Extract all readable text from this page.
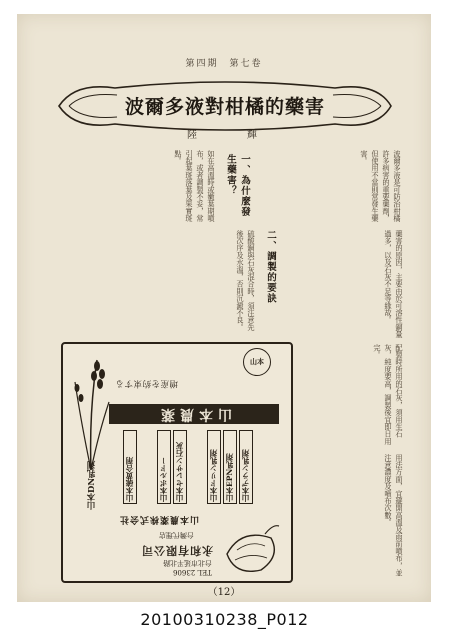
第四期　第七卷
波爾多液對柑橘的藥害
陸　輝
一、為什麼發生藥害？
二、調製的要訣
波爾多液是可防治柑橘許多病害的重要藥劑，但使用不當則常發生藥害。
如在高溫時或嫩葉期噴布，或者調製不妥，常引起葉斑落葉及果實斑點。
藥害的原因，主要由於可溶性銅量過多，以及石灰不足等緣故。
硫酸銅與石灰混合時，須注意先後次序及水溫，否則沉澱不良。
配製時所用的石灰，須用生石灰，純度要高，調製後宜即日用完。
用法方面，宜避開高溫及雨前噴布，並注意濃度及噴布次數。
山本
増産を約束する
山本農薬
山本デラン乳剤
山本EPN乳剤
山本ドリン乳剤
山本セレサン石灰
山本ボルドー
山本硫黄合剤
山本DN乳剤
山本農薬株式会社
台灣代理店
永和有限公司
台北市延平北路
TEL 23606
（12）
20100310238_P012
